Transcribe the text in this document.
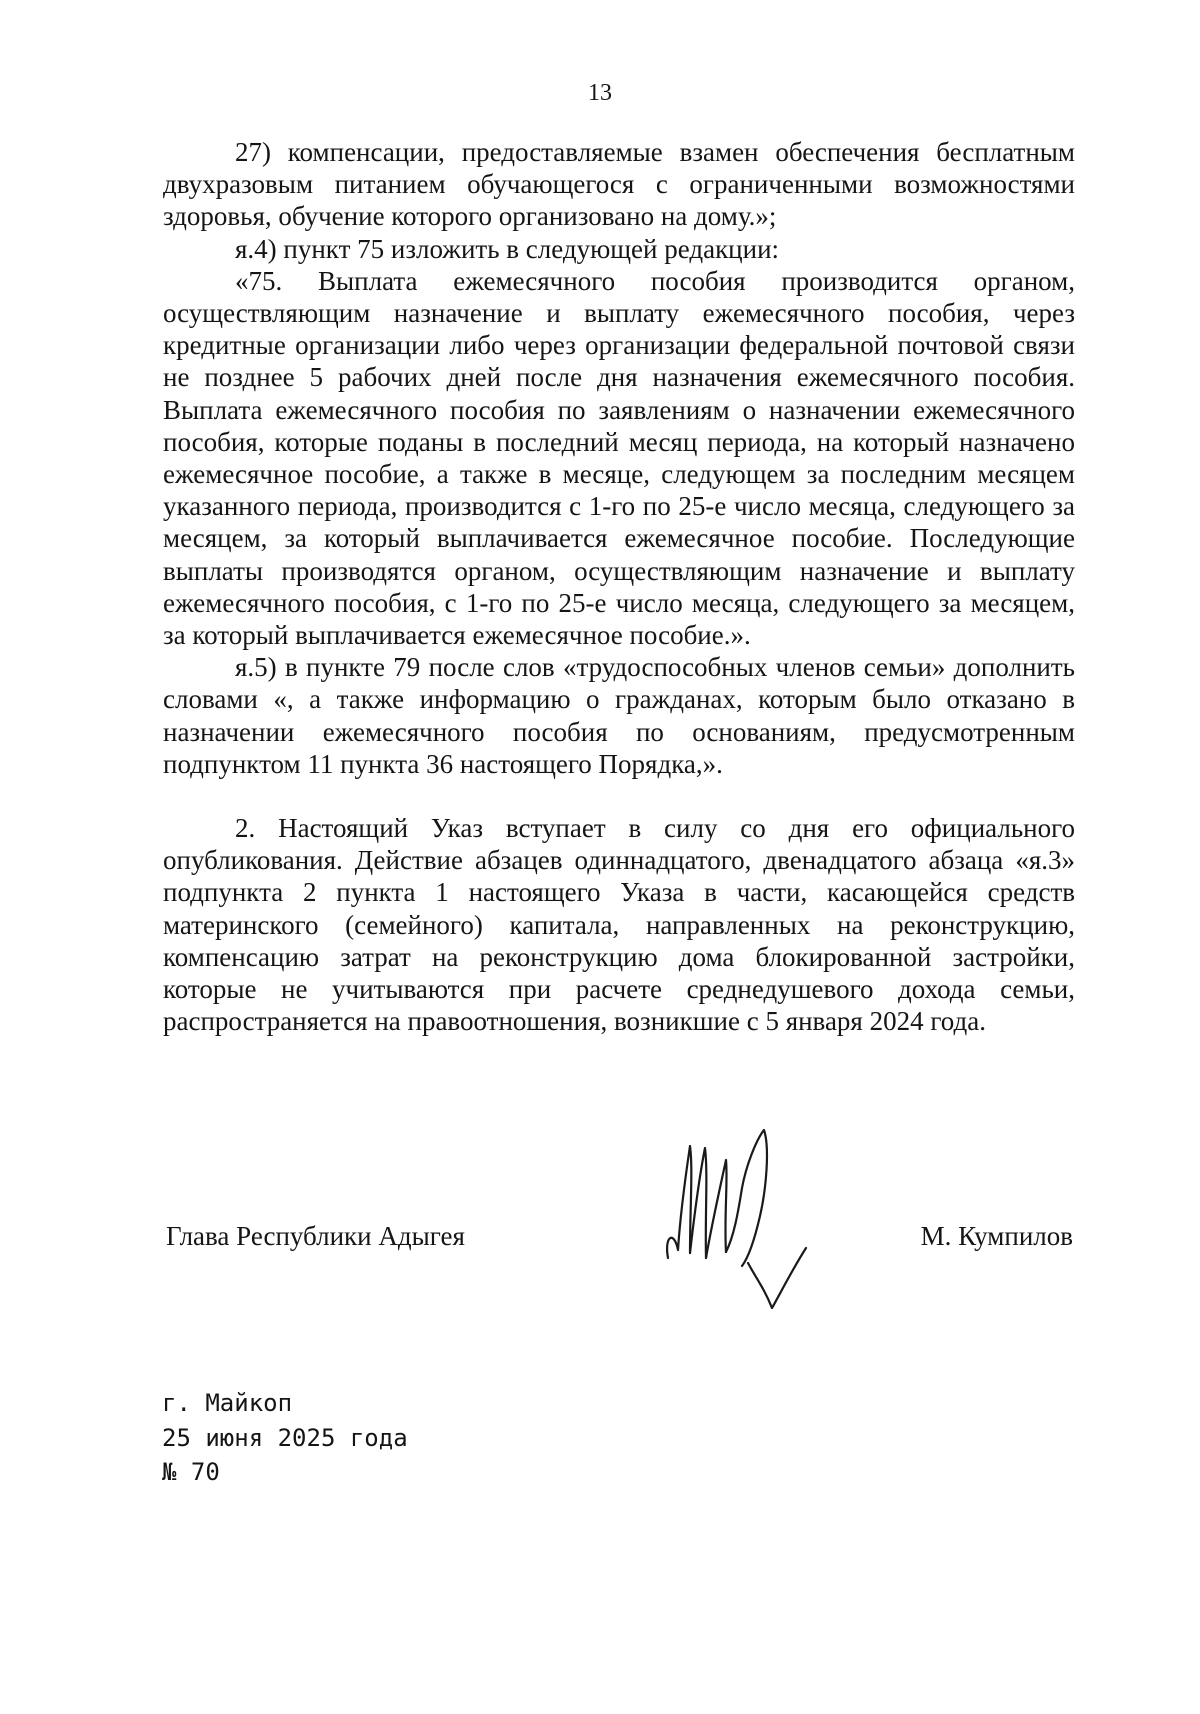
13

27) компенсации, предоставляемые взамен обеспечения бесплатным двухразовым питанием обучающегося с ограниченными возможностями здоровья, обучение которого организовано на дому.»;

я.4) пункт 75 изложить в следующей редакции:

«75. Выплата ежемесячного пособия производится органом, осуществляющим назначение и выплату ежемесячного пособия, через кредитные организации либо через организации федеральной почтовой связи не позднее 5 рабочих дней после дня назначения ежемесячного пособия. Выплата ежемесячного пособия по заявлениям о назначении ежемесячного пособия, которые поданы в последний месяц периода, на который назначено ежемесячное пособие, а также в месяце, следующем за последним месяцем указанного периода, производится с 1-го по 25-е число месяца, следующего за месяцем, за который выплачивается ежемесячное пособие. Последующие выплаты производятся органом, осуществляющим назначение и выплату ежемесячного пособия, с 1-го по 25-е число месяца, следующего за месяцем, за который выплачивается ежемесячное пособие.».

я.5) в пункте 79 после слов «трудоспособных членов семьи» дополнить словами «, а также информацию о гражданах, которым было отказано в назначении ежемесячного пособия по основаниям, предусмотренным подпунктом 11 пункта 36 настоящего Порядка,».

2. Настоящий Указ вступает в силу со дня его официального опубликования. Действие абзацев одиннадцатого, двенадцатого абзаца «я.3» подпункта 2 пункта 1 настоящего Указа в части, касающейся средств материнского (семейного) капитала, направленных на реконструкцию, компенсацию затрат на реконструкцию дома блокированной застройки, которые не учитываются при расчете среднедушевого дохода семьи, распространяется на правоотношения, возникшие с 5 января 2024 года.

Глава Республики Адыгея	М. Кумпилов
г. Майкоп
25 июня 2025 года
№ 70
